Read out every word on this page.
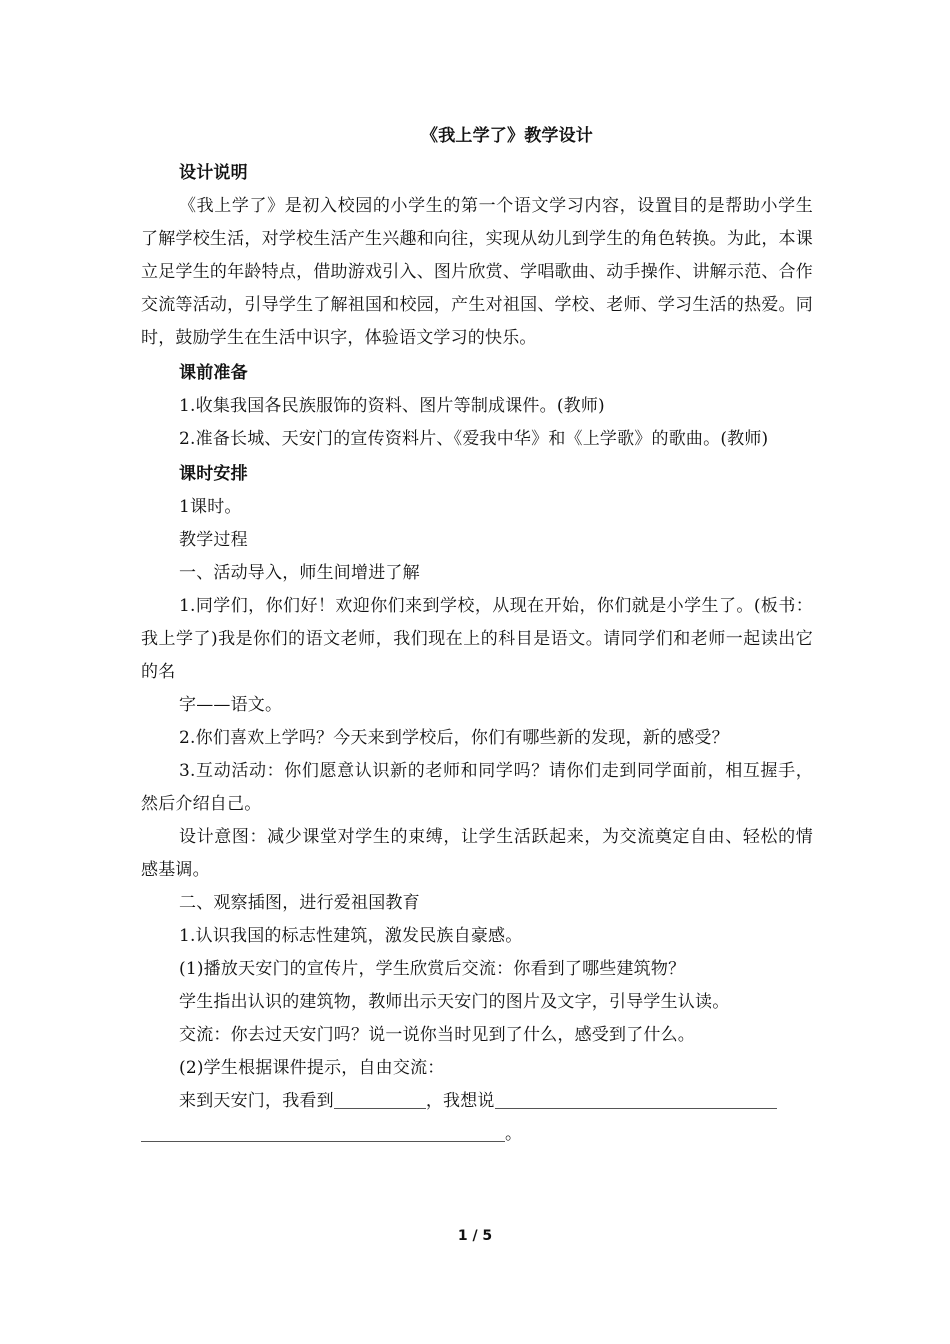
《我上学了》教学设计
设计说明

《我上学了》是初入校园的小学生的第一个语文学习内容，设置目的是帮助小学生了解学校生活，对学校生活产生兴趣和向往，实现从幼儿到学生的角色转换。为此，本课立足学生的年龄特点，借助游戏引入、图片欣赏、学唱歌曲、动手操作、讲解示范、合作交流等活动，引导学生了解祖国和校园，产生对祖国、学校、老师、学习生活的热爱。同时，鼓励学生在生活中识字，体验语文学习的快乐。

课前准备
1.收集我国各民族服饰的资料、图片等制成课件。(教师)
2.准备长城、天安门的宣传资料片、《爱我中华》和《上学歌》的歌曲。(教师)
课时安排
1课时。
教学过程
一、活动导入，师生间增进了解

1.同学们，你们好！欢迎你们来到学校，从现在开始，你们就是小学生了。(板书：我上学了)我是你们的语文老师，我们现在上的科目是语文。请同学们和老师一起读出它的名

字——语文。
2.你们喜欢上学吗？今天来到学校后，你们有哪些新的发现，新的感受？

3.互动活动：你们愿意认识新的老师和同学吗？请你们走到同学面前，相互握手，然后介绍自己。

设计意图：减少课堂对学生的束缚，让学生活跃起来，为交流奠定自由、轻松的情感基调。

二、观察插图，进行爱祖国教育
1.认识我国的标志性建筑，激发民族自豪感。
(1)播放天安门的宣传片，学生欣赏后交流：你看到了哪些建筑物？
学生指出认识的建筑物，教师出示天安门的图片及文字，引导学生认读。
交流：你去过天安门吗？说一说你当时见到了什么，感受到了什么。
(2)学生根据课件提示，自由交流：
来到天安门，我看到	，我想说
。
1 / 5
